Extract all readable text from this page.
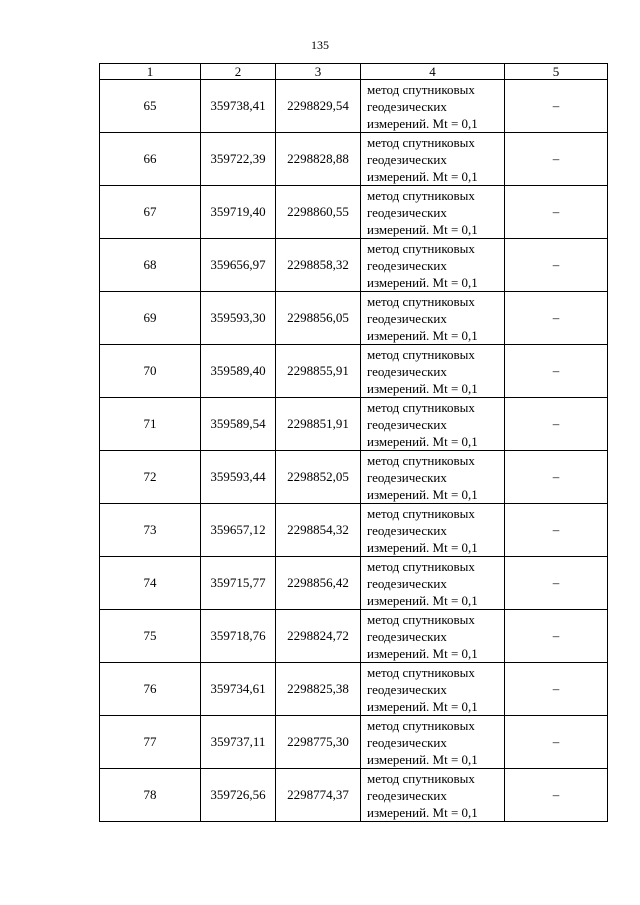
135
1	2	3	4	5
65	359738,41	2298829,54	метод спутниковых
геодезических
измерений. Mt = 0,1	–
66	359722,39	2298828,88	метод спутниковых
геодезических
измерений. Mt = 0,1	–
67	359719,40	2298860,55	метод спутниковых
геодезических
измерений. Mt = 0,1	–
68	359656,97	2298858,32	метод спутниковых
геодезических
измерений. Mt = 0,1	–
69	359593,30	2298856,05	метод спутниковых
геодезических
измерений. Mt = 0,1	–
70	359589,40	2298855,91	метод спутниковых
геодезических
измерений. Mt = 0,1	–
71	359589,54	2298851,91	метод спутниковых
геодезических
измерений. Mt = 0,1	–
72	359593,44	2298852,05	метод спутниковых
геодезических
измерений. Mt = 0,1	–
73	359657,12	2298854,32	метод спутниковых
геодезических
измерений. Mt = 0,1	–
74	359715,77	2298856,42	метод спутниковых
геодезических
измерений. Mt = 0,1	–
75	359718,76	2298824,72	метод спутниковых
геодезических
измерений. Mt = 0,1	–
76	359734,61	2298825,38	метод спутниковых
геодезических
измерений. Mt = 0,1	–
77	359737,11	2298775,30	метод спутниковых
геодезических
измерений. Mt = 0,1	–
78	359726,56	2298774,37	метод спутниковых
геодезических
измерений. Mt = 0,1	–
